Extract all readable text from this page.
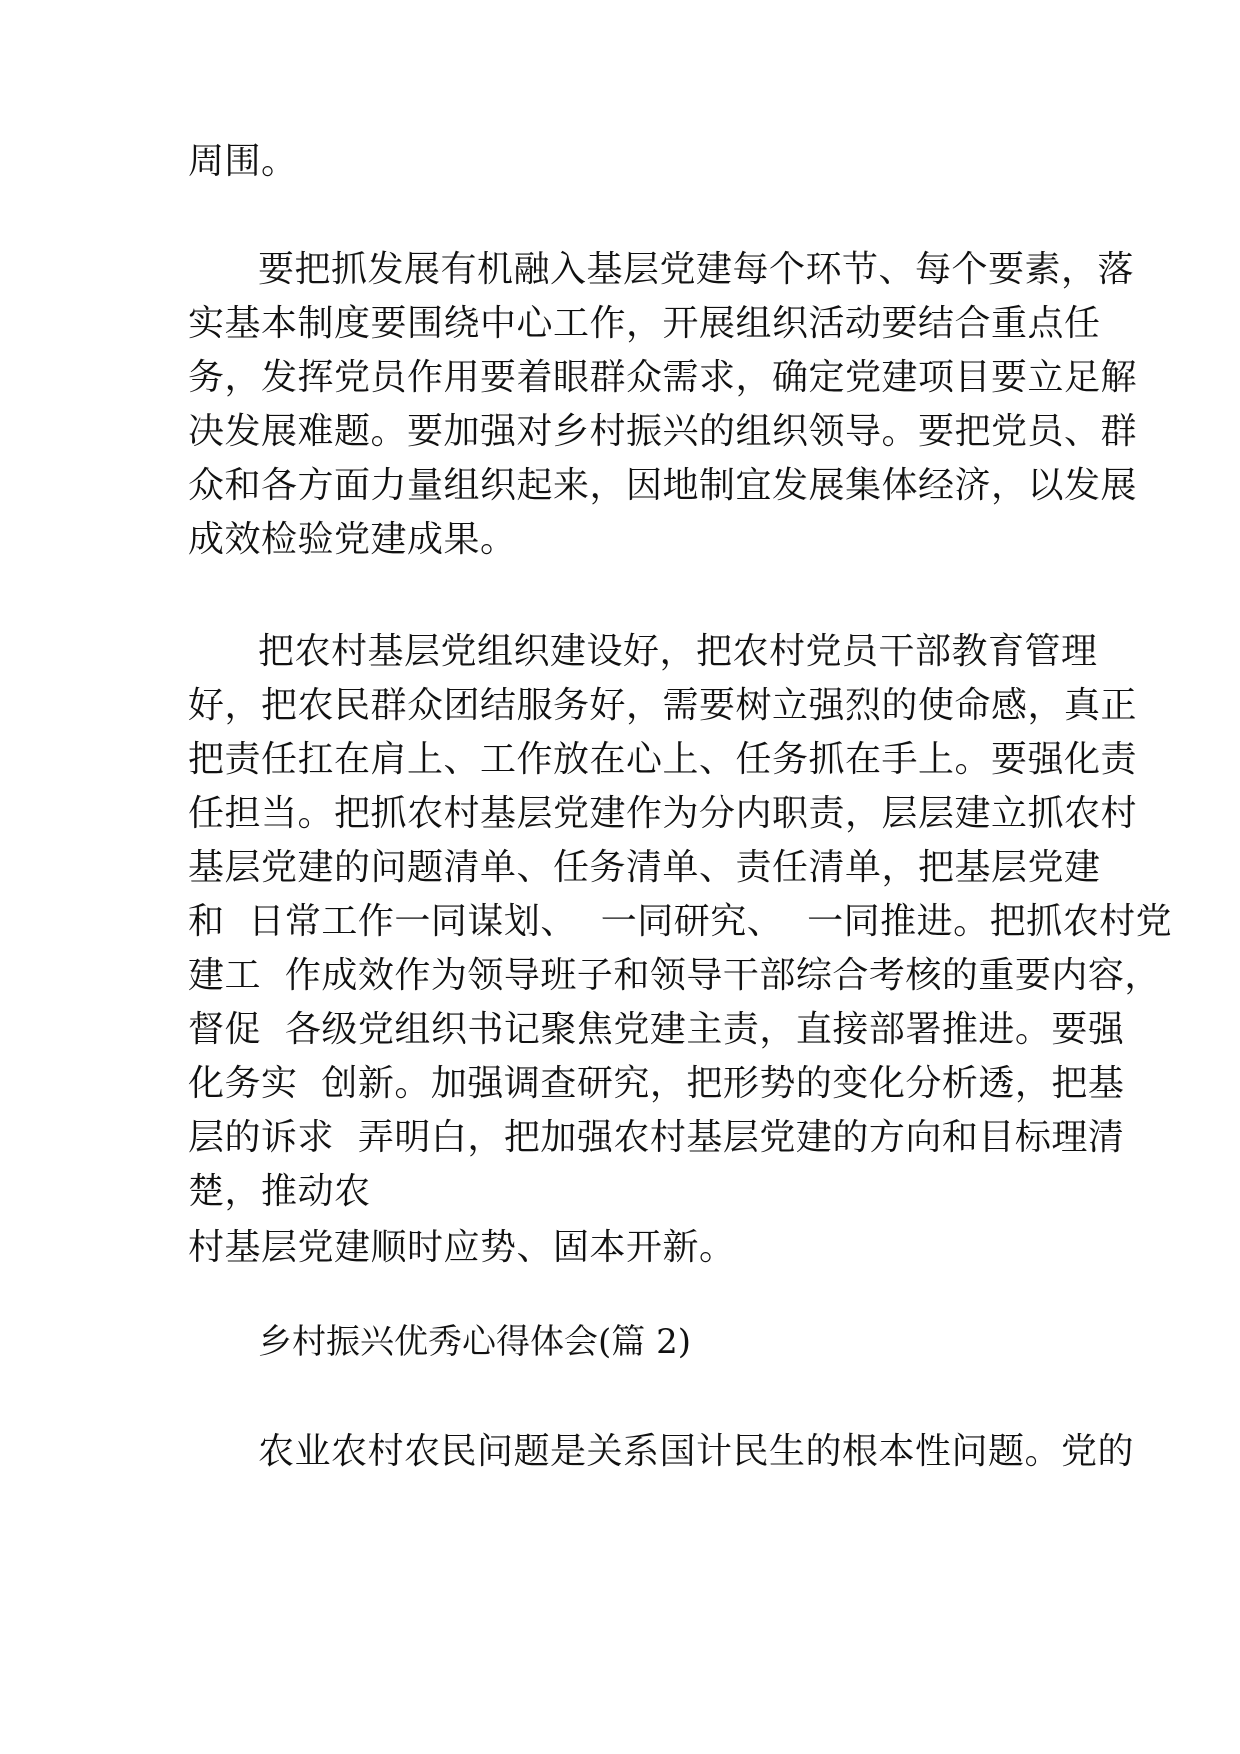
周围。
要把抓发展有机融入基层党建每个环节、每个要素，落
实基本制度要围绕中心工作，开展组织活动要结合重点任
务，发挥党员作用要着眼群众需求，确定党建项目要立足解
决发展难题。要加强对乡村振兴的组织领导。要把党员、群
众和各方面力量组织起来，因地制宜发展集体经济，以发展
成效检验党建成果。
把农村基层党组织建设好，把农村党员干部教育管理
好，把农民群众团结服务好，需要树立强烈的使命感，真正
把责任扛在肩上、工作放在心上、任务抓在手上。要强化责
任担当。把抓农村基层党建作为分内职责，层层建立抓农村
基层党建的问题清单、任务清单、责任清单，把基层党建
和  日常工作一同谋划、  一同研究、  一同推进。把抓农村党
建工  作成效作为领导班子和领导干部综合考核的重要内容，
督促  各级党组织书记聚焦党建主责，直接部署推进。要强
化务实  创新。加强调查研究，把形势的变化分析透，把基
层的诉求  弄明白，把加强农村基层党建的方向和目标理清
楚，推动农
村基层党建顺时应势、固本开新。
乡村振兴优秀心得体会(篇 2)
农业农村农民问题是关系国计民生的根本性问题。党的
